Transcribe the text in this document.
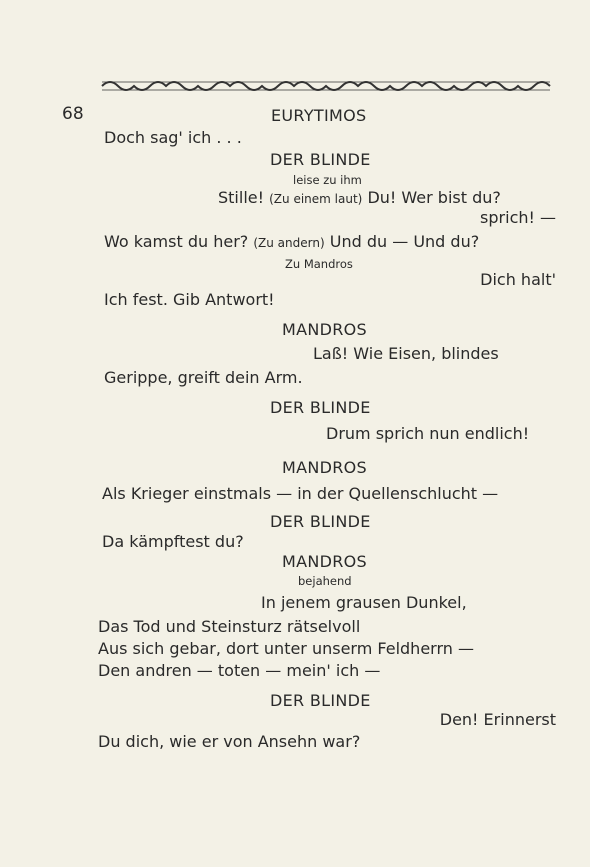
68	EURYTIMOS
Doch sag' ich . . .
DER BLINDE
leise zu ihm
Stille! (Zu einem laut) Du! Wer bist du?
sprich! —
Wo kamst du her? (Zu andern) Und du — Und du?
Zu Mandros
Dich halt'
Ich fest. Gib Antwort!
MANDROS
Laß! Wie Eisen, blindes
Gerippe, greift dein Arm.
DER BLINDE
Drum sprich nun endlich!
MANDROS
Als Krieger einstmals — in der Quellenschlucht —
DER BLINDE
Da kämpftest du?
MANDROS
bejahend
In jenem grausen Dunkel,
Das Tod und Steinsturz rätselvoll
Aus sich gebar, dort unter unserm Feldherrn —
Den andren — toten — mein' ich —
DER BLINDE
Den! Erinnerst
Du dich, wie er von Ansehn war?
